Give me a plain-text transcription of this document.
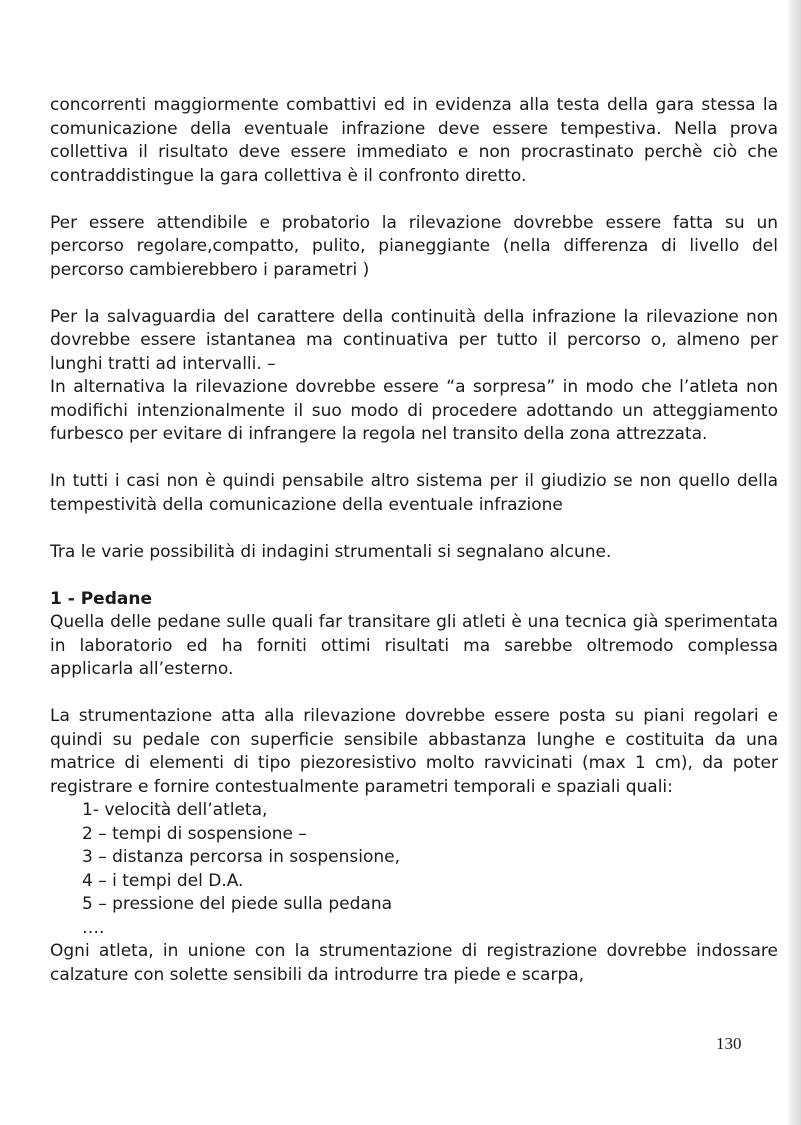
concorrenti maggiormente combattivi ed in evidenza alla testa della gara stessa la comunicazione della eventuale infrazione deve essere tempestiva. Nella prova collettiva il risultato deve essere immediato e non procrastinato perchè ciò che contraddistingue la gara collettiva è il confronto diretto.

Per essere attendibile e probatorio la rilevazione dovrebbe essere fatta su un percorso regolare,compatto, pulito, pianeggiante (nella differenza di livello del percorso cambierebbero i parametri )

Per la salvaguardia del carattere della continuità della infrazione la rilevazione non dovrebbe essere istantanea ma continuativa per tutto il percorso o, almeno per lunghi tratti ad intervalli. –

In alternativa la rilevazione dovrebbe essere “a sorpresa” in modo che l’atleta non modifichi intenzionalmente il suo modo di procedere adottando un atteggiamento furbesco per evitare di infrangere la regola nel transito della zona attrezzata.

In tutti i casi non è quindi pensabile altro sistema per il giudizio se non quello della tempestività della comunicazione della eventuale infrazione

Tra le varie possibilità di indagini strumentali si segnalano alcune.

1 - Pedane

Quella delle pedane sulle quali far transitare gli atleti è una tecnica già sperimentata in laboratorio ed ha forniti ottimi risultati ma sarebbe oltremodo complessa applicarla all’esterno.

La strumentazione atta alla rilevazione dovrebbe essere posta su piani regolari e quindi su pedale con superficie sensibile abbastanza lunghe e costituita da una matrice di elementi di tipo piezoresistivo molto ravvicinati (max 1 cm), da poter registrare e fornire contestualmente parametri temporali e spaziali quali:

1- velocità dell’atleta,
2 – tempi di sospensione –
3 – distanza percorsa in sospensione,
4 – i tempi del D.A.
5 – pressione del piede sulla pedana
….

Ogni atleta, in unione con la strumentazione di registrazione dovrebbe indossare calzature con solette sensibili da introdurre tra piede e scarpa,

130
